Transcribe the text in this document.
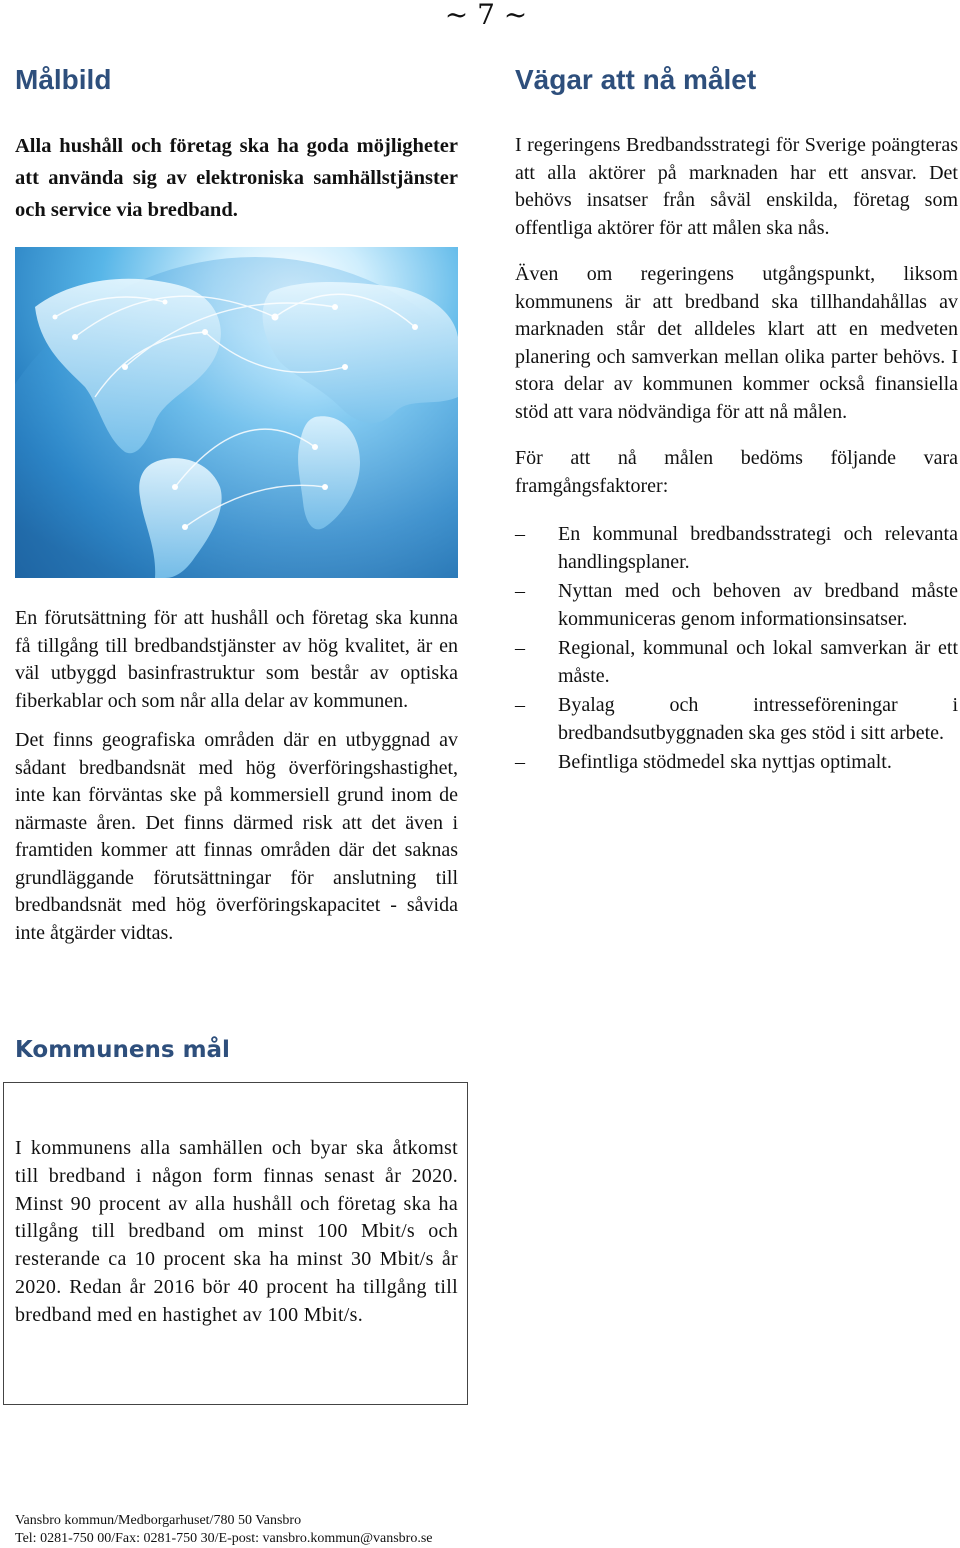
~ 7 ~
Målbild

Alla hushåll och företag ska ha goda möjligheter att använda sig av elektroniska samhällstjänster och service via bredband.

En förutsättning för att hushåll och företag ska kunna få tillgång till bredbandstjänster av hög kvalitet, är en väl utbyggd basinfrastruktur som består av optiska fiberkablar och som når alla delar av kommunen.

Det finns geografiska områden där en utbyggnad av sådant bredbandsnät med hög överföringshastighet, inte kan förväntas ske på kommersiell grund inom de närmaste åren. Det finns därmed risk att det även i framtiden kommer att finnas områden där det saknas grundläggande förutsättningar för anslutning till bredbandsnät med hög överföringskapacitet - såvida inte åtgärder vidtas.

Vägar att nå målet

I regeringens Bredbandsstrategi för Sverige poängteras att alla aktörer på marknaden har ett ansvar. Det behövs insatser från såväl enskilda, företag som offentliga aktörer för att målen ska nås.

Även om regeringens utgångspunkt, liksom kommunens är att bredband ska tillhandahållas av marknaden står det alldeles klart att en medveten planering och samverkan mellan olika parter behövs. I stora delar av kommunen kommer också finansiella stöd att vara nödvändiga för att nå målen.

För att nå målen bedöms följande vara framgångsfaktorer:

–	En kommunal bredbandsstrategi och relevanta handlingsplaner.
–	Nyttan med och behoven av bredband måste kommuniceras genom informationsinsatser.
–	Regional, kommunal och lokal samverkan är ett måste.
–	Byalag och intresseföreningar i bredbandsutbyggnaden ska ges stöd i sitt arbete.
–	Befintliga stödmedel ska nyttjas optimalt.
Kommunens mål

I kommunens alla samhällen och byar ska åtkomst till bredband i någon form finnas senast år 2020. Minst 90 procent av alla hushåll och företag ska ha tillgång till bredband om minst 100 Mbit/s och resterande ca 10 procent ska ha minst 30 Mbit/s år 2020. Redan år 2016 bör 40 procent ha tillgång till bredband med en hastighet av 100 Mbit/s.

Vansbro kommun/Medborgarhuset/780 50 Vansbro
Tel: 0281-750 00/Fax: 0281-750 30/E-post: vansbro.kommun@vansbro.se
